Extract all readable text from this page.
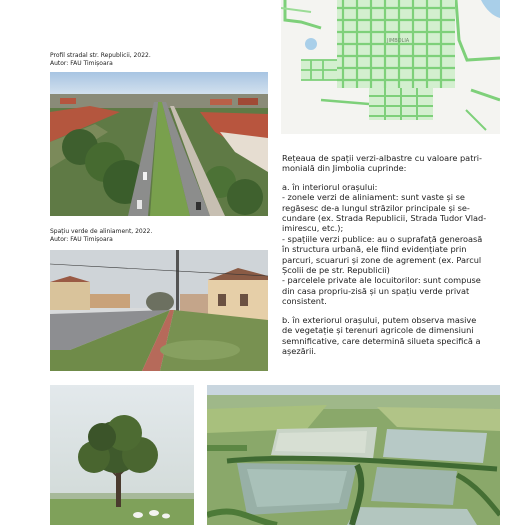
JIMBOLIA
Profil stradal str. Republicii, 2022.
Autor: FAU Timișoara
Spațiu verde de aliniament, 2022.
Autor: FAU Timișoara

Rețeaua de spații verzi-albastre cu valoare patri-

monială din Jimbolia cuprinde:

a. în interiorul orașului:

- zonele verzi de aliniament: sunt vaste și se

regăsesc de-a lungul străzilor principale și se-

cundare (ex. Strada Republicii, Strada Tudor Vlad-

imirescu, etc.);

- spațiile verzi publice: au o suprafață generoasă

în structura urbană, ele fiind evidențiate prin

parcuri, scuaruri și zone de agrement (ex. Parcul

Școlii de pe str. Republicii)

- parcelele private ale locuitorilor: sunt compuse

din casa propriu-zisă și un spațiu verde privat

consistent.

b. în exteriorul orașului, putem observa masive

de vegetație și terenuri agricole de dimensiuni

semnificative, care determină silueta specifică a

așezării.
